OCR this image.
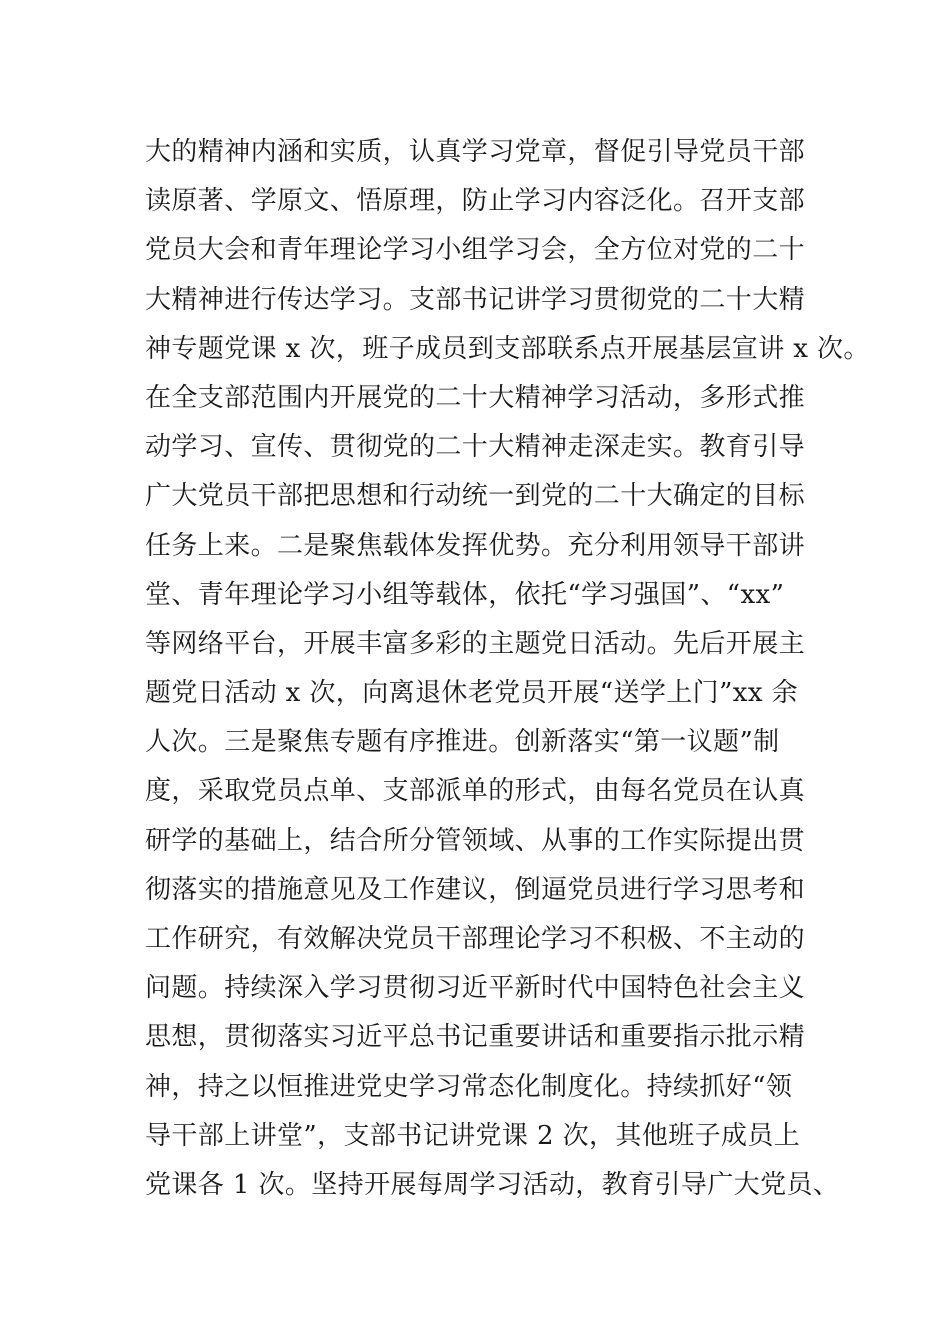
大的精神内涵和实质，认真学习党章，督促引导党员干部
读原著、学原文、悟原理，防止学习内容泛化。召开支部
党员大会和青年理论学习小组学习会，全方位对党的二十
大精神进行传达学习。支部书记讲学习贯彻党的二十大精
神专题党课 x 次，班子成员到支部联系点开展基层宣讲 x 次。
在全支部范围内开展党的二十大精神学习活动，多形式推
动学习、宣传、贯彻党的二十大精神走深走实。教育引导
广大党员干部把思想和行动统一到党的二十大确定的目标
任务上来。二是聚焦载体发挥优势。充分利用领导干部讲
堂、青年理论学习小组等载体，依托“学习强国”、“xx”
等网络平台，开展丰富多彩的主题党日活动。先后开展主
题党日活动 x 次，向离退休老党员开展“送学上门”xx 余
人次。三是聚焦专题有序推进。创新落实“第一议题”制
度，采取党员点单、支部派单的形式，由每名党员在认真
研学的基础上，结合所分管领域、从事的工作实际提出贯
彻落实的措施意见及工作建议，倒逼党员进行学习思考和
工作研究，有效解决党员干部理论学习不积极、不主动的
问题。持续深入学习贯彻习近平新时代中国特色社会主义
思想，贯彻落实习近平总书记重要讲话和重要指示批示精
神，持之以恒推进党史学习常态化制度化。持续抓好“领
导干部上讲堂”，支部书记讲党课 2 次，其他班子成员上
党课各 1 次。坚持开展每周学习活动，教育引导广大党员、
